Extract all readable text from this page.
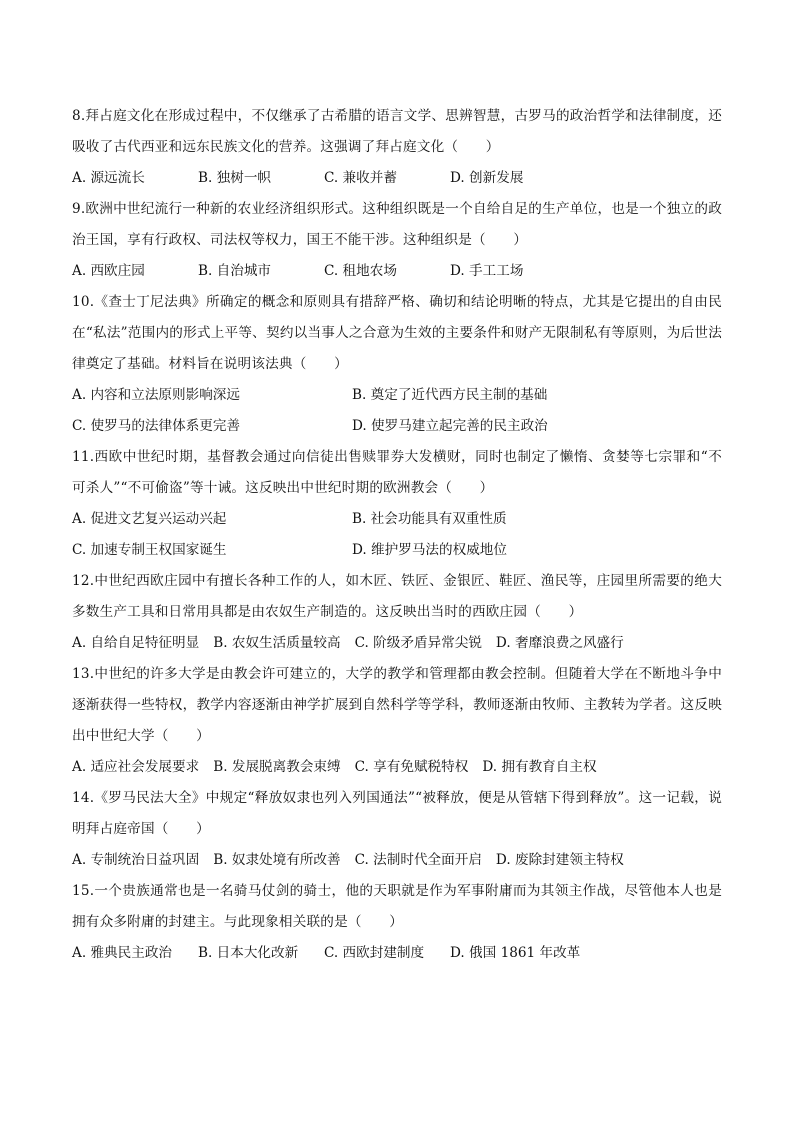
8.拜占庭文化在形成过程中，不仅继承了古希腊的语言文学、思辨智慧，古罗马的政治哲学和法律制度，还吸收了古代西亚和远东民族文化的营养。这强调了拜占庭文化（　　）

A. 源远流长	B. 独树一帜	C. 兼收并蓄	D. 创新发展

9.欧洲中世纪流行一种新的农业经济组织形式。这种组织既是一个自给自足的生产单位，也是一个独立的政治王国，享有行政权、司法权等权力，国王不能干涉。这种组织是（　　）

A. 西欧庄园	B. 自治城市	C. 租地农场	D. 手工工场

10.《查士丁尼法典》所确定的概念和原则具有措辞严格、确切和结论明晰的特点，尤其是它提出的自由民在“私法”范围内的形式上平等、契约以当事人之合意为生效的主要条件和财产无限制私有等原则，为后世法律奠定了基础。材料旨在说明该法典（　　）

A. 内容和立法原则影响深远	B. 奠定了近代西方民主制的基础
C. 使罗马的法律体系更完善	D. 使罗马建立起完善的民主政治

11.西欧中世纪时期，基督教会通过向信徒出售赎罪券大发横财，同时也制定了懒惰、贪婪等七宗罪和“不可杀人”“不可偷盗”等十诫。这反映出中世纪时期的欧洲教会（　　）

A. 促进文艺复兴运动兴起	B. 社会功能具有双重性质
C. 加速专制王权国家诞生	D. 维护罗马法的权威地位

12.中世纪西欧庄园中有擅长各种工作的人，如木匠、铁匠、金银匠、鞋匠、渔民等，庄园里所需要的绝大多数生产工具和日常用具都是由农奴生产制造的。这反映出当时的西欧庄园（　　）

A. 自给自足特征明显 B. 农奴生活质量较高 C. 阶级矛盾异常尖锐 D. 奢靡浪费之风盛行

13.中世纪的许多大学是由教会许可建立的，大学的教学和管理都由教会控制。但随着大学在不断地斗争中逐渐获得一些特权，教学内容逐渐由神学扩展到自然科学等学科，教师逐渐由牧师、主教转为学者。这反映出中世纪大学（　　）

A. 适应社会发展要求 B. 发展脱离教会束缚 C. 享有免赋税特权 D. 拥有教育自主权

14.《罗马民法大全》中规定“释放奴隶也列入列国通法”“被释放，便是从管辖下得到释放”。这一记载，说明拜占庭帝国（　　）

A. 专制统治日益巩固 B. 奴隶处境有所改善 C. 法制时代全面开启 D. 废除封建领主特权

15.一个贵族通常也是一名骑马仗剑的骑士，他的天职就是作为军事附庸而为其领主作战，尽管他本人也是拥有众多附庸的封建主。与此现象相关联的是（　　）

A. 雅典民主政治	B. 日本大化改新	C. 西欧封建制度	D. 俄国 1861 年改革
